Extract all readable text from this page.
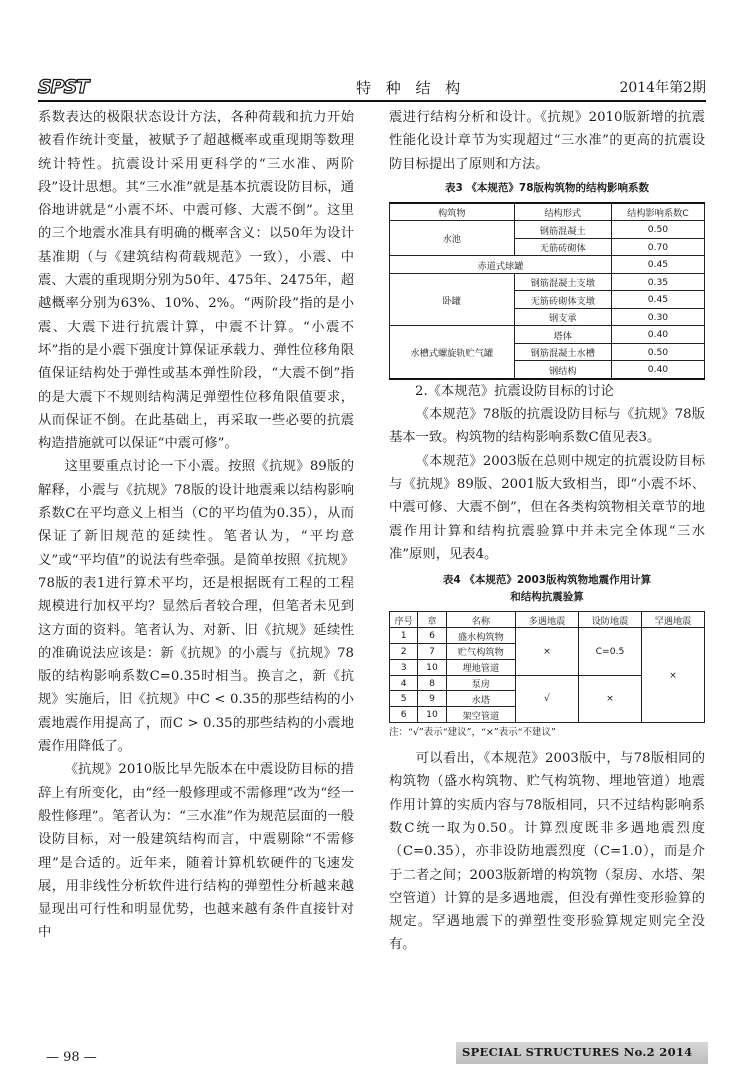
SPST	特 种 结 构	2014年第2期

系数表达的极限状态设计方法，各种荷载和抗力开始被看作统计变量，被赋予了超越概率或重现期等数理统计特性。抗震设计采用更科学的“三水准、两阶段”设计思想。其“三水准”就是基本抗震设防目标，通俗地讲就是“小震不坏、中震可修、大震不倒”。这里的三个地震水准具有明确的概率含义：以50年为设计基准期（与《建筑结构荷载规范》一致），小震、中震、大震的重现期分别为50年、475年、2475年，超越概率分别为63%、10%、2%。“两阶段”指的是小震、大震下进行抗震计算，中震不计算。“小震不坏”指的是小震下强度计算保证承载力、弹性位移角限值保证结构处于弹性或基本弹性阶段，“大震不倒”指的是大震下不规则结构满足弹塑性位移角限值要求，从而保证不倒。在此基础上，再采取一些必要的抗震构造措施就可以保证“中震可修”。

这里要重点讨论一下小震。按照《抗规》89版的解释，小震与《抗规》78版的设计地震乘以结构影响系数C在平均意义上相当（C的平均值为0.35），从而保证了新旧规范的延续性。笔者认为，“平均意义”或“平均值”的说法有些牵强。是简单按照《抗规》78版的表1进行算术平均，还是根据既有工程的工程规模进行加权平均？显然后者较合理，但笔者未见到这方面的资料。笔者认为、对新、旧《抗规》延续性的准确说法应该是：新《抗规》的小震与《抗规》78版的结构影响系数C=0.35时相当。换言之，新《抗规》实施后，旧《抗规》中C < 0.35的那些结构的小震地震作用提高了，而C > 0.35的那些结构的小震地震作用降低了。

《抗规》2010版比早先版本在中震设防目标的措辞上有所变化，由“经一般修理或不需修理”改为“经一般性修理”。笔者认为：“三水准”作为规范层面的一般设防目标，对一般建筑结构而言，中震剔除“不需修理”是合适的。近年来，随着计算机软硬件的飞速发展，用非线性分析软件进行结构的弹塑性分析越来越显现出可行性和明显优势，也越来越有条件直接针对中

震进行结构分析和设计。《抗规》2010版新增的抗震性能化设计章节为实现超过“三水准”的更高的抗震设防目标提出了原则和方法。

表3 《本规范》78版构筑物的结构影响系数
构筑物	结构形式	结构影响系数C
水池	钢筋混凝土	0.50
	无筋砖砌体	0.70
赤道式球罐		0.45
卧罐	钢筋混凝土支墩	0.35
	无筋砖砌体支墩	0.45
	钢支承	0.30
水槽式螺旋轨贮气罐	塔体	0.40
	钢筋混凝土水槽	0.50
	钢结构	0.40

2.《本规范》抗震设防目标的讨论

《本规范》78版的抗震设防目标与《抗规》78版基本一致。构筑物的结构影响系数C值见表3。

《本规范》2003版在总则中规定的抗震设防目标与《抗规》89版、2001版大致相当，即“小震不坏、中震可修、大震不倒”，但在各类构筑物相关章节的地震作用计算和结构抗震验算中并未完全体现“三水准”原则，见表4。

表4 《本规范》2003版构筑物地震作用计算
和结构抗震验算
序号	章	名称	多遇地震	设防地震	罕遇地震
1	6	盛水构筑物	×	C=0.5	×
2	7	贮气构筑物			
3	10	埋地管道			
4	8	泵房	√	×	
5	9	水塔			
6	10	架空管道			
注：“√”表示“建议”，“×”表示“不建议”

可以看出，《本规范》2003版中，与78版相同的构筑物（盛水构筑物、贮气构筑物、埋地管道）地震作用计算的实质内容与78版相同，只不过结构影响系数C统一取为0.50。计算烈度既非多遇地震烈度（C=0.35），亦非设防地震烈度（C=1.0），而是介于二者之间；2003版新增的构筑物（泵房、水塔、架空管道）计算的是多遇地震，但没有弹性变形验算的规定。罕遇地震下的弹塑性变形验算规定则完全没有。

— 98 —	SPECIAL STRUCTURES No.2 2014
